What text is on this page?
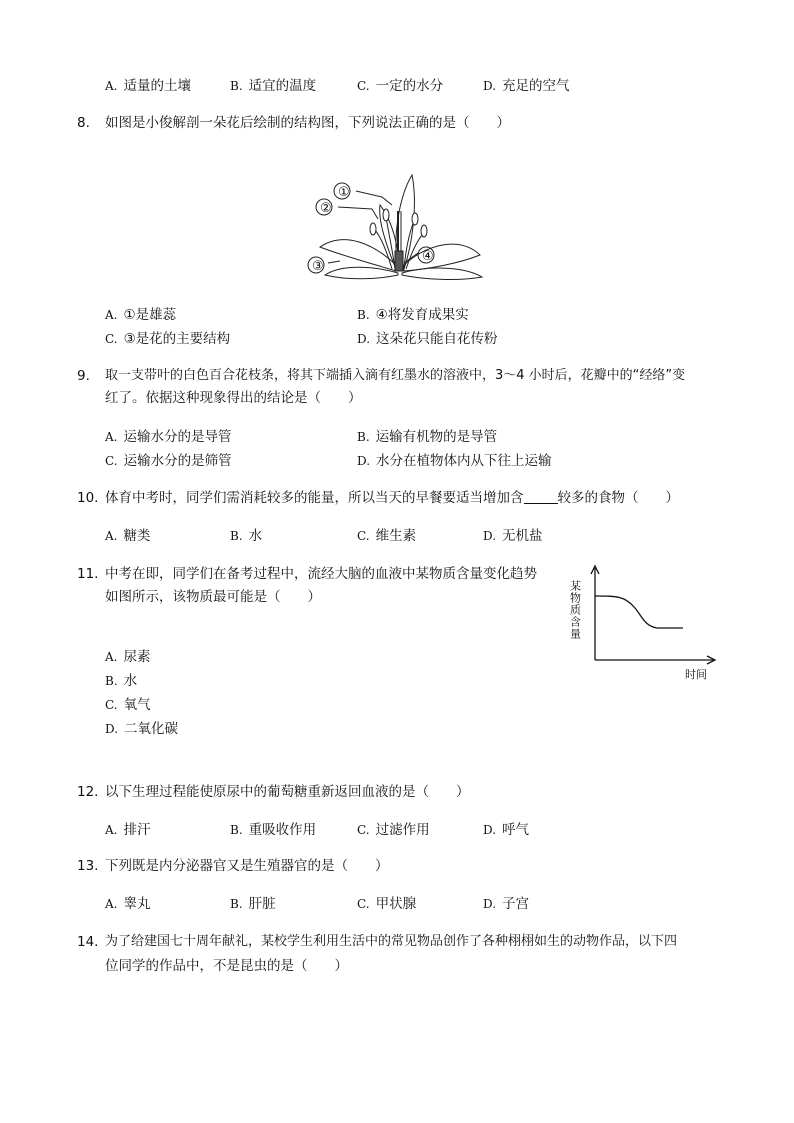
A. 适量的土壤	B. 适宜的温度	C. 一定的水分	D. 充足的空气
8. 如图是小俊解剖一朵花后绘制的结构图，下列说法正确的是（　　）
①
②
③
④
A. ①是雄蕊	B. ④将发育成果实
C. ③是花的主要结构	D. 这朵花只能自花传粉
9. 取一支带叶的白色百合花枝条，将其下端插入滴有红墨水的溶液中，3～4 小时后，花瓣中的“经络”变
红了。依据这种现象得出的结论是（　　）
A. 运输水分的是导管	B. 运输有机物的是导管
C. 运输水分的是筛管	D. 水分在植物体内从下往上运输
10. 体育中考时，同学们需消耗较多的能量，所以当天的早餐要适当增加含	较多的食物（　　）
A. 糖类	B. 水	C. 维生素	D. 无机盐
11. 中考在即，同学们在备考过程中，流经大脑的血液中某物质含量变化趋势
如图所示，该物质最可能是（　　）	某物质含量
时间
A. 尿素
B. 水
C. 氧气
D. 二氧化碳
12. 以下生理过程能使原尿中的葡萄糖重新返回血液的是（　　）
A. 排汗	B. 重吸收作用	C. 过滤作用	D. 呼气
13. 下列既是内分泌器官又是生殖器官的是（　　）
A. 睾丸	B. 肝脏	C. 甲状腺	D. 子宫
14. 为了给建国七十周年献礼，某校学生利用生活中的常见物品创作了各种栩栩如生的动物作品，以下四
位同学的作品中，不是昆虫的是（　　）
